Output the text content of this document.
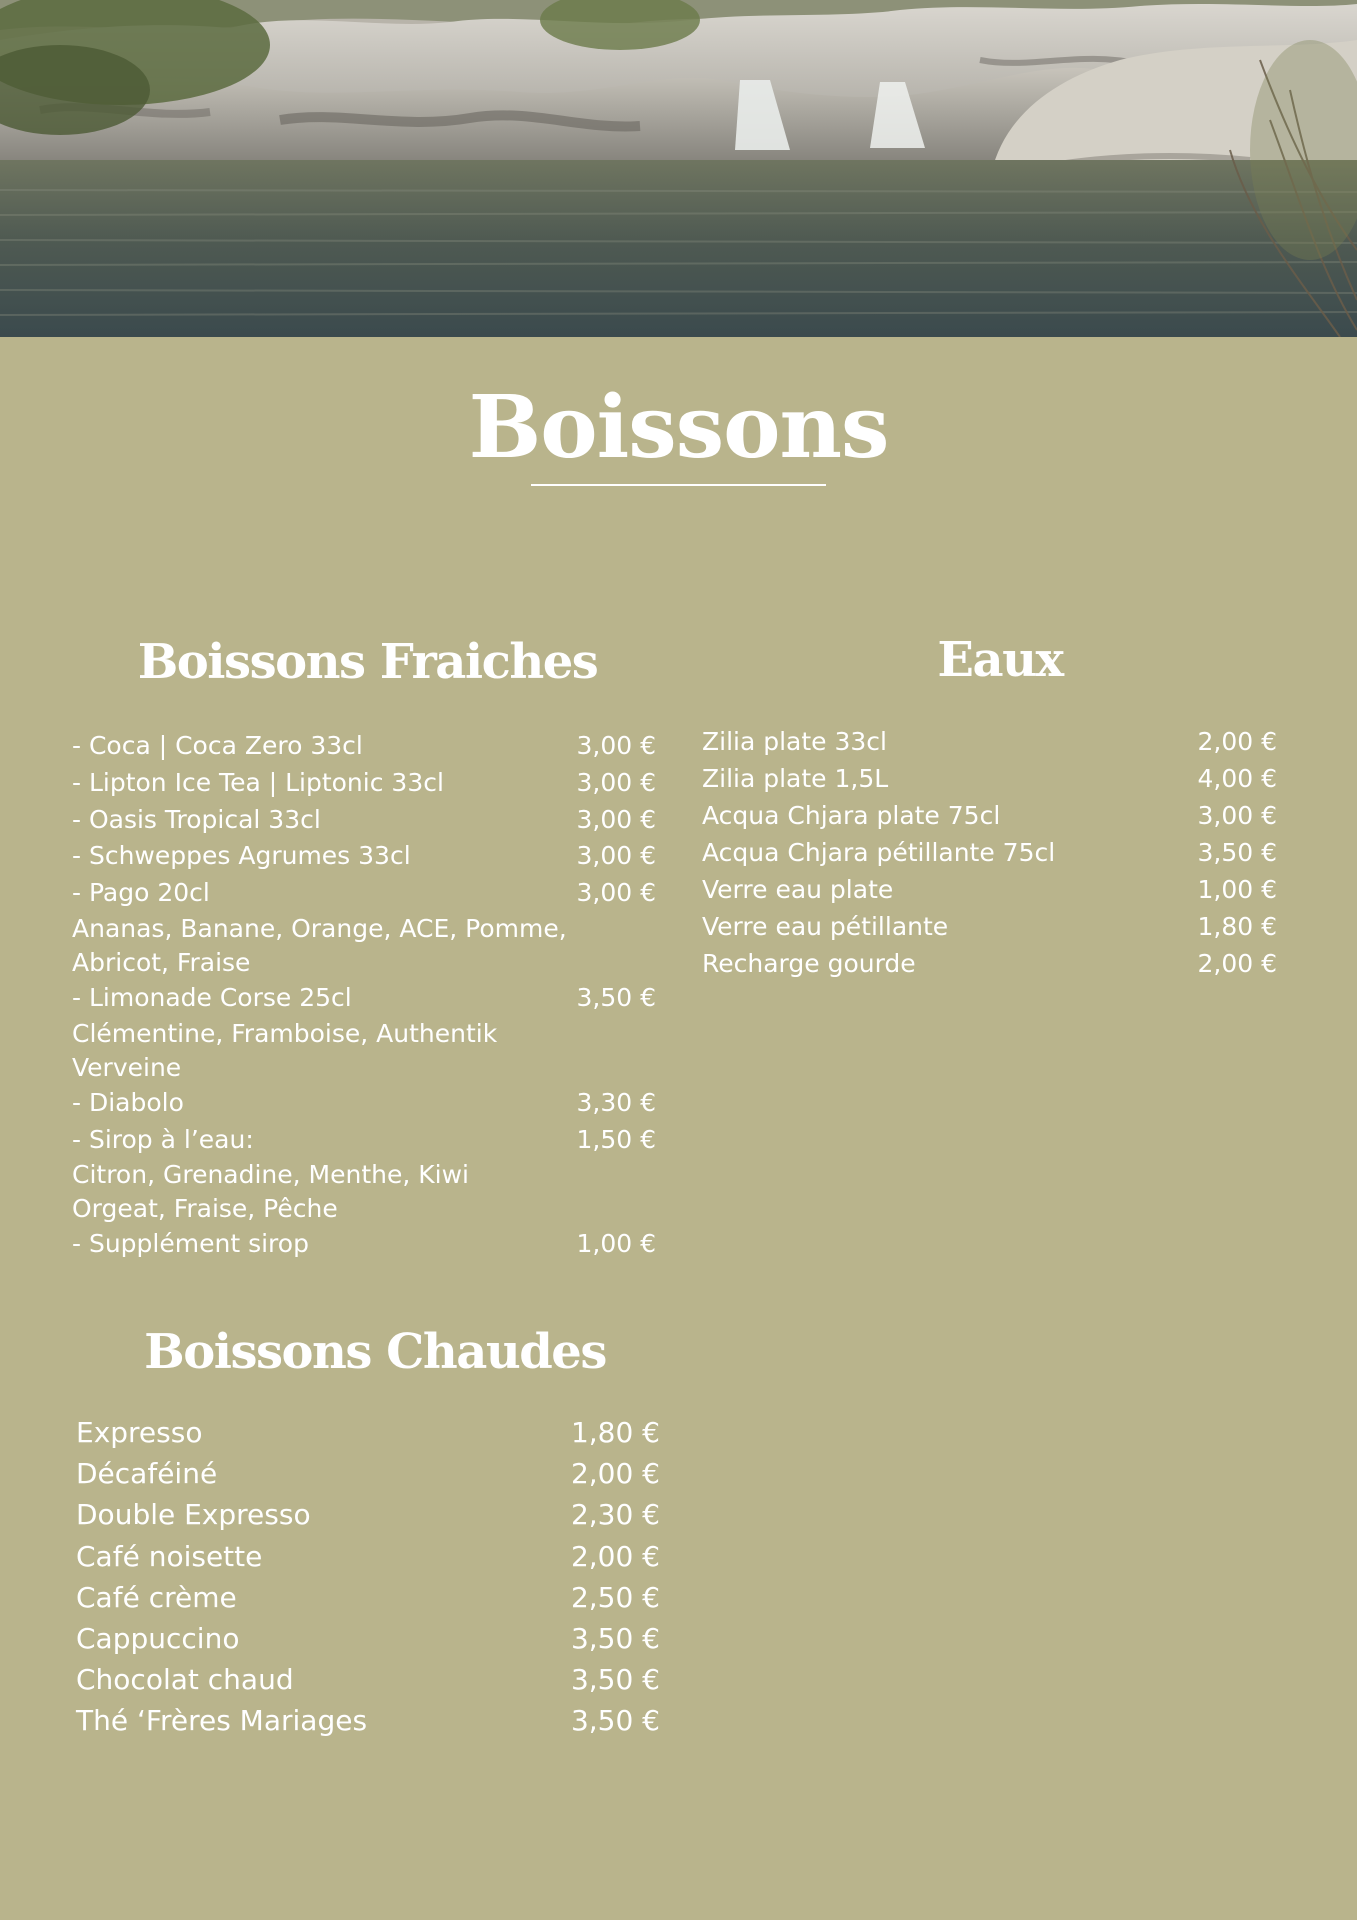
Boissons
Boissons Fraiches	Eaux
Boissons Chaudes
- Coca | Coca Zero 33cl	3,00 €
- Lipton Ice Tea | Liptonic 33cl	3,00 €
- Oasis Tropical 33cl	3,00 €
- Schweppes Agrumes 33cl	3,00 €
- Pago 20cl	3,00 €
Ananas, Banane, Orange, ACE, Pomme,
Abricot, Fraise
- Limonade Corse 25cl	3,50 €
Clémentine, Framboise, Authentik
Verveine
- Diabolo	3,30 €
- Sirop à l’eau:	1,50 €
Citron, Grenadine, Menthe, Kiwi
Orgeat, Fraise, Pêche
- Supplément sirop	1,00 €
Zilia plate 33cl	2,00 €
Zilia plate 1,5L	4,00 €
Acqua Chjara plate 75cl	3,00 €
Acqua Chjara pétillante 75cl	3,50 €
Verre eau plate	1,00 €
Verre eau pétillante	1,80 €
Recharge gourde	2,00 €
Expresso	1,80 €
Décaféiné	2,00 €
Double Expresso	2,30 €
Café noisette	2,00 €
Café crème	2,50 €
Cappuccino	3,50 €
Chocolat chaud	3,50 €
Thé ‘Frères Mariages	3,50 €
